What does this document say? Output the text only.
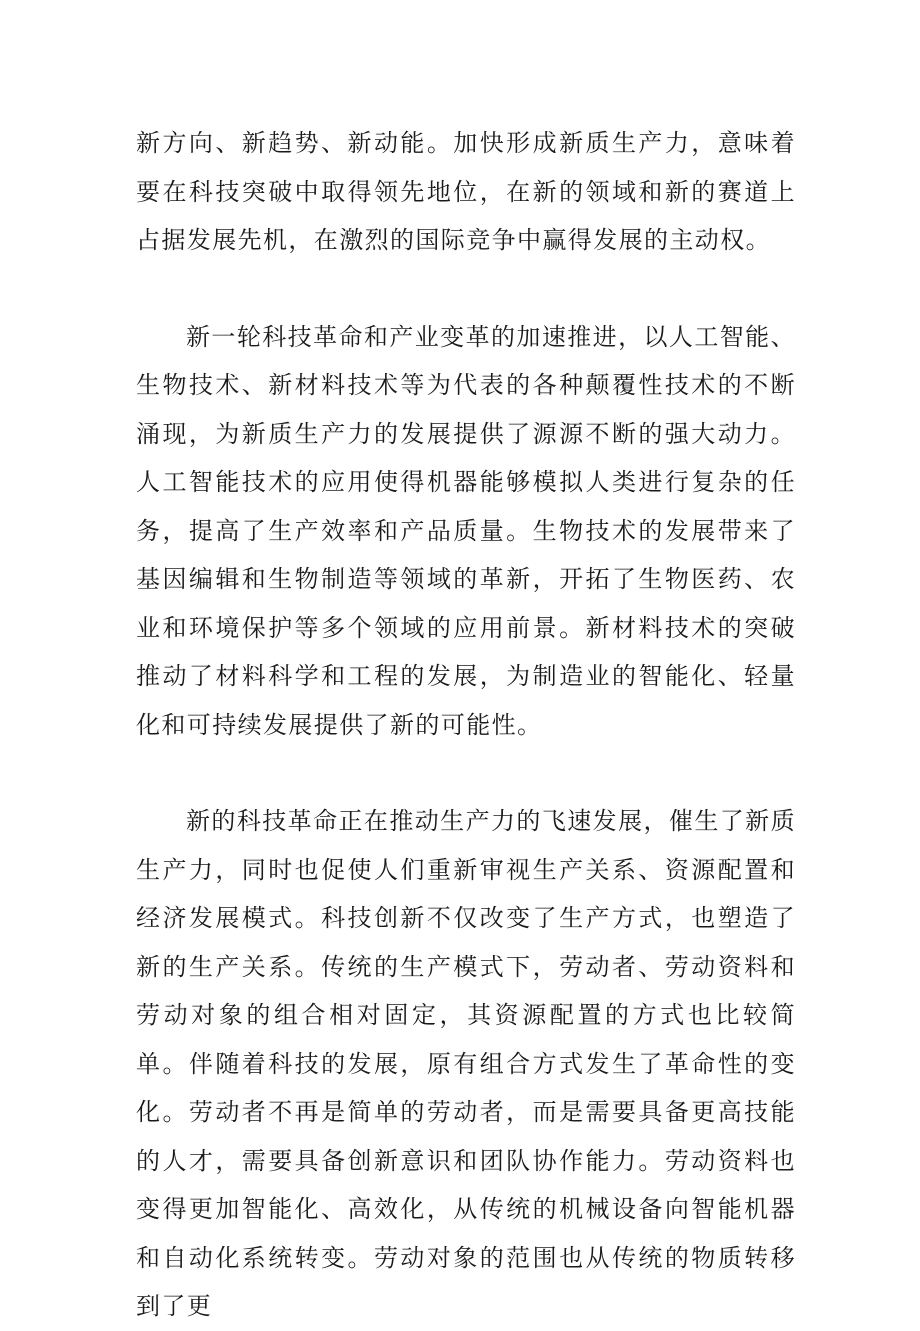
新方向、新趋势、新动能。加快形成新质生产力，意味着要在科技突破中取得领先地位，在新的领域和新的赛道上占据发展先机，在激烈的国际竞争中赢得发展的主动权。

新一轮科技革命和产业变革的加速推进，以人工智能、生物技术、新材料技术等为代表的各种颠覆性技术的不断涌现，为新质生产力的发展提供了源源不断的强大动力。人工智能技术的应用使得机器能够模拟人类进行复杂的任务，提高了生产效率和产品质量。生物技术的发展带来了基因编辑和生物制造等领域的革新，开拓了生物医药、农业和环境保护等多个领域的应用前景。新材料技术的突破推动了材料科学和工程的发展，为制造业的智能化、轻量化和可持续发展提供了新的可能性。

新的科技革命正在推动生产力的飞速发展，催生了新质生产力，同时也促使人们重新审视生产关系、资源配置和经济发展模式。科技创新不仅改变了生产方式，也塑造了新的生产关系。传统的生产模式下，劳动者、劳动资料和劳动对象的组合相对固定，其资源配置的方式也比较简单。伴随着科技的发展，原有组合方式发生了革命性的变化。劳动者不再是简单的劳动者，而是需要具备更高技能的人才，需要具备创新意识和团队协作能力。劳动资料也变得更加智能化、高效化，从传统的机械设备向智能机器和自动化系统转变。劳动对象的范围也从传统的物质转移到了更
